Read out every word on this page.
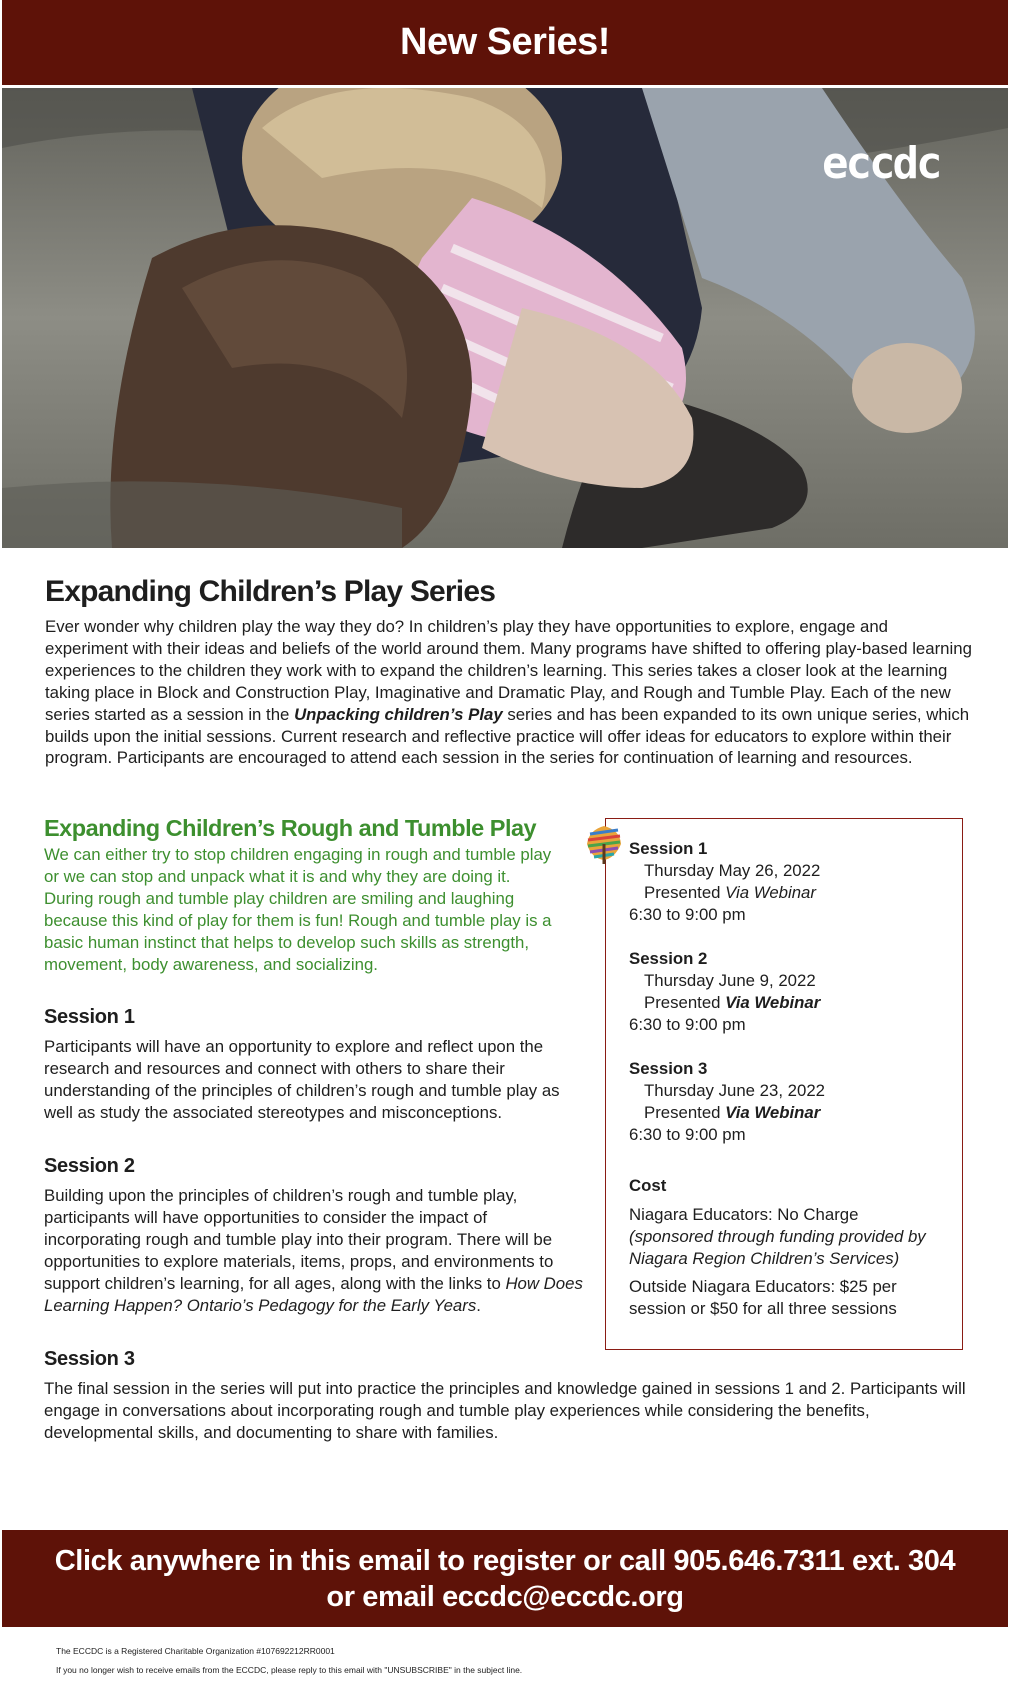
New Series!
eccdc
Expanding Children’s Play Series

Ever wonder why children play the way they do? In children’s play they have opportunities to explore, engage and experiment with their ideas and beliefs of the world around them. Many programs have shifted to offering play-based learning experiences to the children they work with to expand the children’s learning. This series takes a closer look at the learning taking place in Block and Construction Play, Imaginative and Dramatic Play, and Rough and Tumble Play. Each of the new series started as a session in the Unpacking children’s Play series and has been expanded to its own unique series, which builds upon the initial sessions. Current research and reflective practice will offer ideas for educators to explore within their program. Participants are encouraged to attend each session in the series for continuation of learning and resources.

Expanding Children’s Rough and Tumble Play

We can either try to stop children engaging in rough and tumble play or we can stop and unpack what it is and why they are doing it. During rough and tumble play children are smiling and laughing because this kind of play for them is fun! Rough and tumble play is a basic human instinct that helps to develop such skills as strength, movement, body awareness, and socializing.

Session 1

Participants will have an opportunity to explore and reflect upon the research and resources and connect with others to share their understanding of the principles of children’s rough and tumble play as well as study the associated stereotypes and misconceptions.

Session 2

Building upon the principles of children’s rough and tumble play, participants will have opportunities to consider the impact of incorporating rough and tumble play into their program. There will be opportunities to explore materials, items, props, and environments to support children’s learning, for all ages, along with the links to How Does Learning Happen? Ontario’s Pedagogy for the Early Years.

Session 3

The final session in the series will put into practice the principles and knowledge gained in sessions 1 and 2. Participants will engage in conversations about incorporating rough and tumble play experiences while considering the benefits, developmental skills, and documenting to share with families.

Session 1
Thursday May 26, 2022
Presented Via Webinar
6:30 to 9:00 pm
Session 2
Thursday June 9, 2022
Presented Via Webinar
6:30 to 9:00 pm
Session 3
Thursday June 23, 2022
Presented Via Webinar
6:30 to 9:00 pm
Cost
Niagara Educators: No Charge
(sponsored through funding provided by Niagara Region Children’s Services)
Outside Niagara Educators: $25 per session or $50 for all three sessions
Click anywhere in this email to register or call 905.646.7311 ext. 304
or email eccdc@eccdc.org

The ECCDC is a Registered Charitable Organization #107692212RR0001

If you no longer wish to receive emails from the ECCDC, please reply to this email with "UNSUBSCRIBE" in the subject line.
